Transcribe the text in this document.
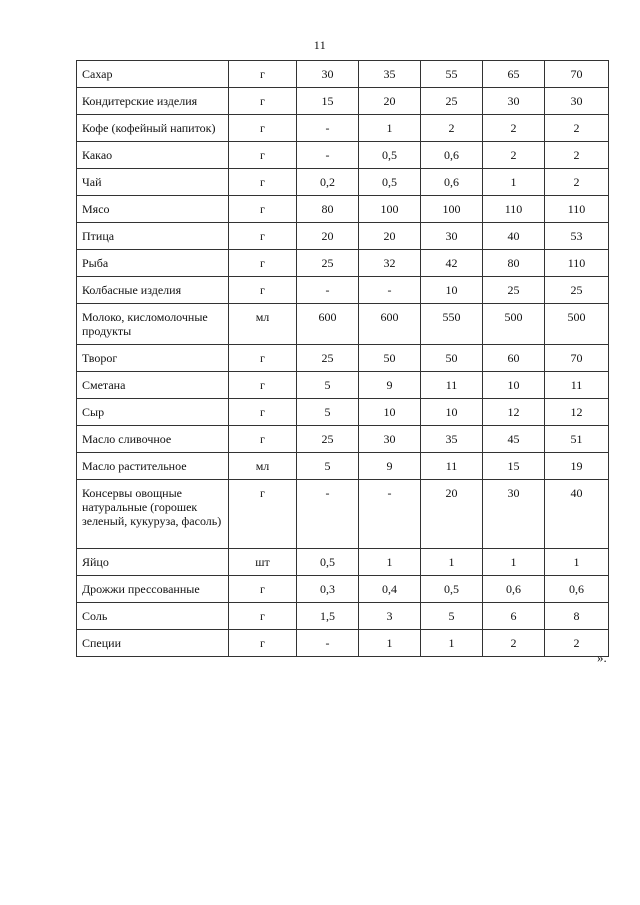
11
Сахар	г	30	35	55	65	70
Кондитерские изделия	г	15	20	25	30	30
Кофе (кофейный напиток)	г	-	1	2	2	2
Какао	г	-	0,5	0,6	2	2
Чай	г	0,2	0,5	0,6	1	2
Мясо	г	80	100	100	110	110
Птица	г	20	20	30	40	53
Рыба	г	25	32	42	80	110
Колбасные изделия	г	-	-	10	25	25
Молоко, кисломолочные продукты	мл	600	600	550	500	500
Творог	г	25	50	50	60	70
Сметана	г	5	9	11	10	11
Сыр	г	5	10	10	12	12
Масло сливочное	г	25	30	35	45	51
Масло растительное	мл	5	9	11	15	19
Консервы овощные натуральные (горошек зеленый, кукуруза, фасоль)	г	-	-	20	30	40
Яйцо	шт	0,5	1	1	1	1
Дрожжи прессованные	г	0,3	0,4	0,5	0,6	0,6
Соль	г	1,5	3	5	6	8
Специи	г	-	1	1	2	2
».
